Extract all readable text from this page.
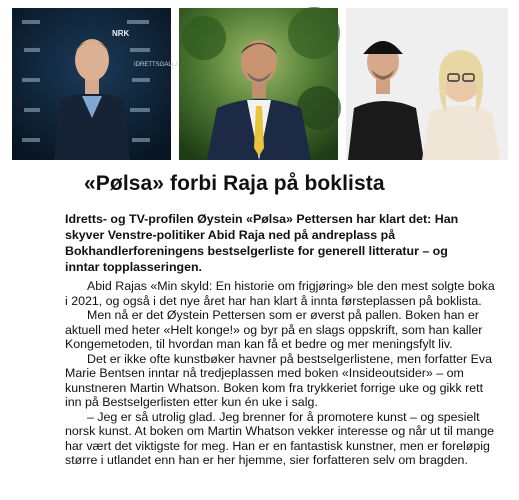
IDRETTSGALLA
NRK
«Pølsa» forbi Raja på boklista

Idretts- og TV-profilen Øystein «Pølsa» Pettersen har klart det: Han skyver Venstre-politiker Abid Raja ned på andreplass på Bokhandlerforeningens bestselgerliste for generell litteratur – og inntar topplasseringen.

Abid Rajas «Min skyld: En historie om frigjøring» ble den mest solgte boka i 2021, og også i det nye året har han klart å innta førsteplassen på boklista.

Men nå er det Øystein Pettersen som er øverst på pallen. Boken han er aktuell med heter «Helt konge!» og byr på en slags oppskrift, som han kaller Kongemetoden, til hvordan man kan få et bedre og mer meningsfylt liv.

Det er ikke ofte kunstbøker havner på bestselgerlistene, men forfatter Eva Marie Bentsen inntar nå tredjeplassen med boken «Insideoutsider» – om kunstneren Martin Whatson. Boken kom fra trykkeriet forrige uke og gikk rett inn på Bestselgerlisten etter kun én uke i salg.

– Jeg er så utrolig glad. Jeg brenner for å promotere kunst – og spesielt norsk kunst. At boken om Martin Whatson vekker interesse og når ut til mange har vært det viktigste for meg. Han er en fantastisk kunstner, men er foreløpig større i utlandet enn han er her hjemme, sier forfatteren selv om bragden.
